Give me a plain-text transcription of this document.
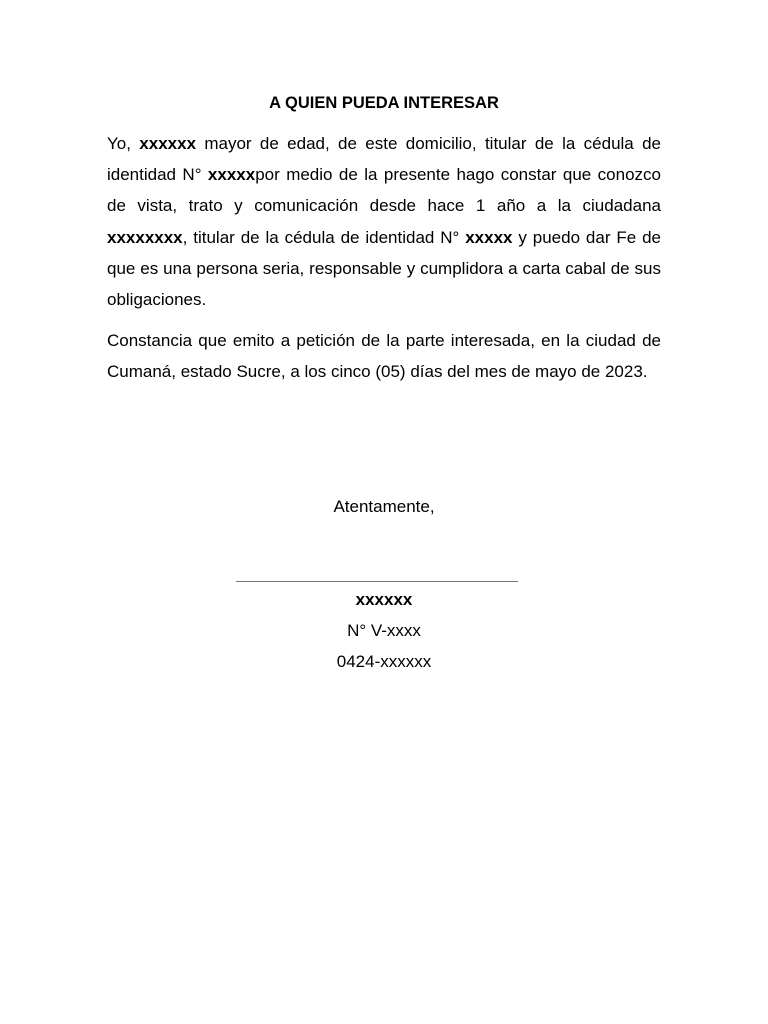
A QUIEN PUEDA INTERESAR

Yo, xxxxxx mayor de edad, de este domicilio, titular de la cédula de identidad N° xxxxxpor medio de la presente hago constar que conozco de vista, trato y comunicación desde hace 1 año a la ciudadana xxxxxxxx, titular de la cédula de identidad N° xxxxx y puedo dar Fe de que es una persona seria, responsable y cumplidora a carta cabal de sus obligaciones.

Constancia que emito a petición de la parte interesada, en la ciudad de Cumaná, estado Sucre, a los cinco (05) días del mes de mayo de 2023.

Atentamente,
xxxxxx
N° V-xxxx
0424-xxxxxx
